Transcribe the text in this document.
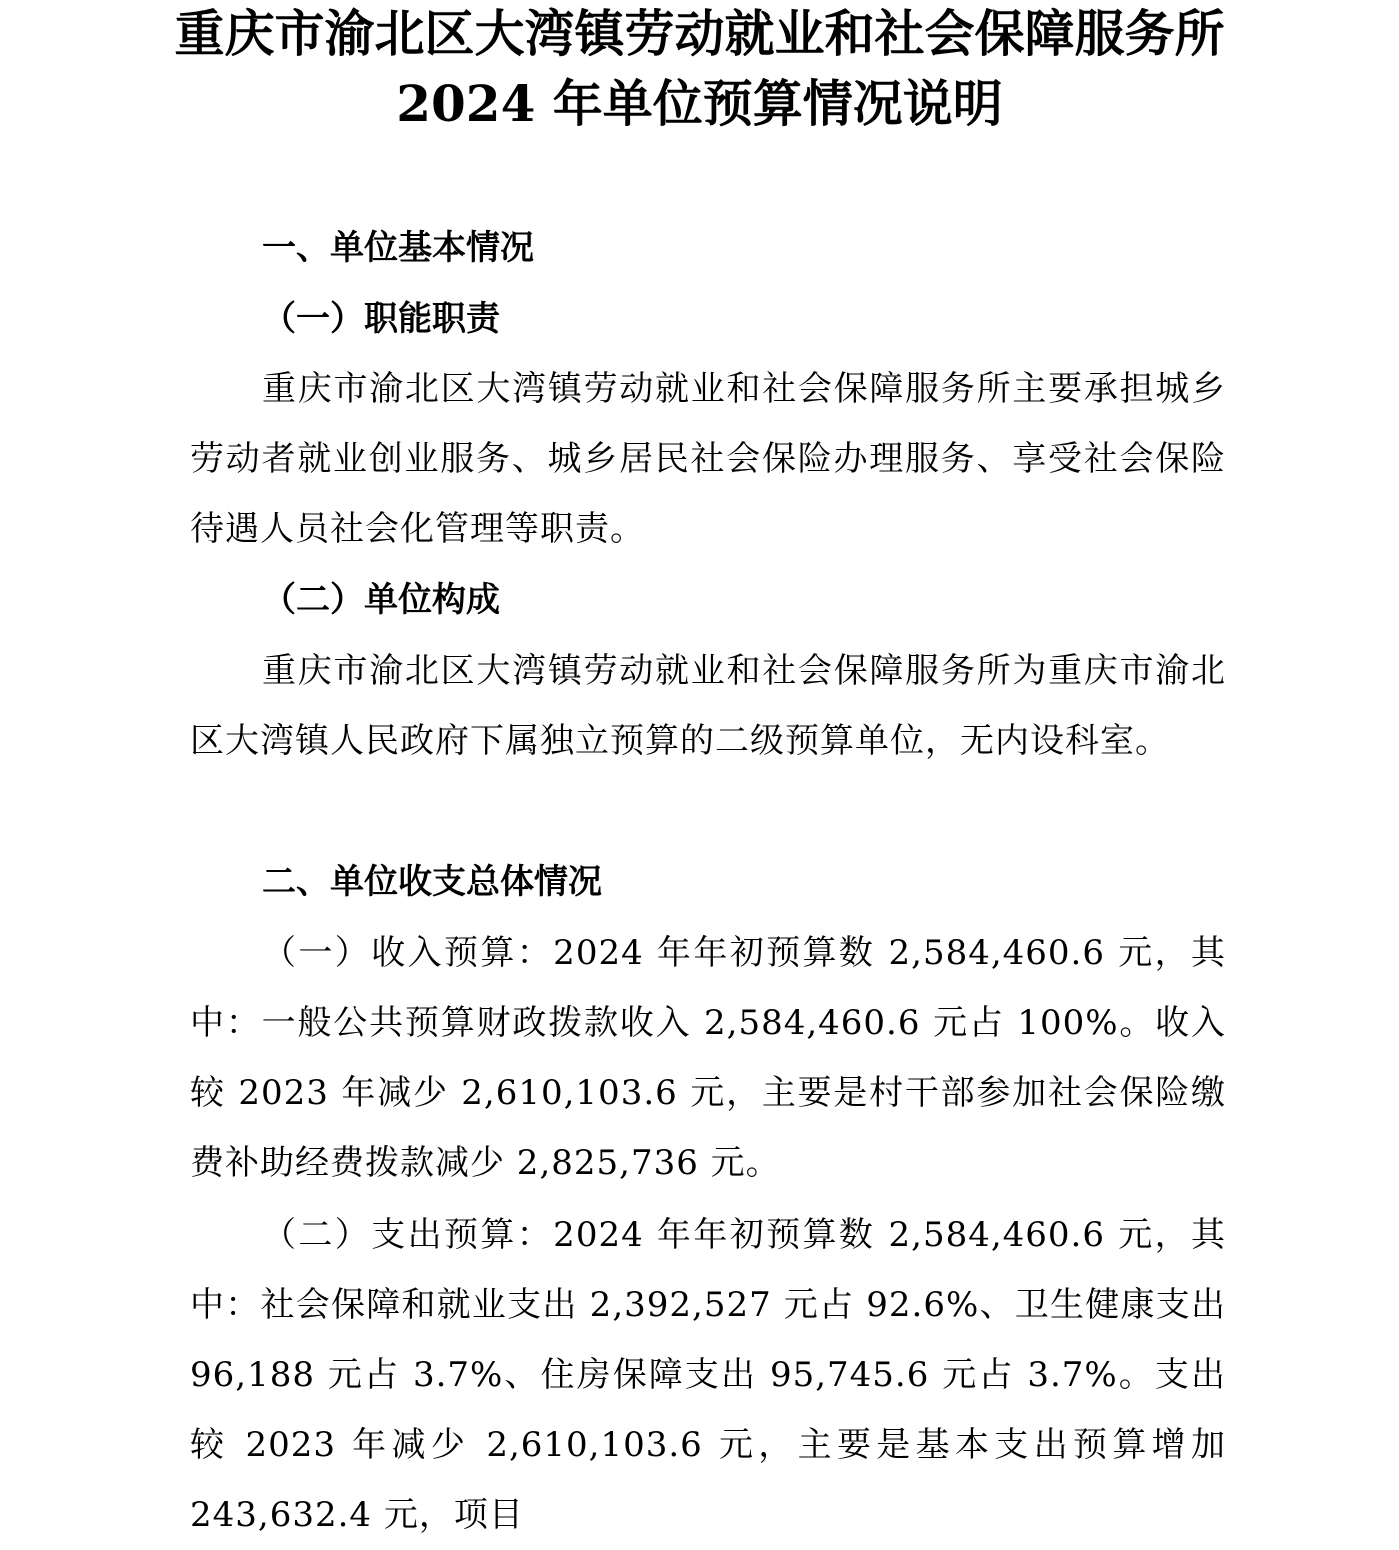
重庆市渝北区大湾镇劳动就业和社会保障服务所
2024 年单位预算情况说明
一、单位基本情况
（一）职能职责

重庆市渝北区大湾镇劳动就业和社会保障服务所主要承担城乡劳动者就业创业服务、城乡居民社会保险办理服务、享受社会保险待遇人员社会化管理等职责。

（二）单位构成

重庆市渝北区大湾镇劳动就业和社会保障服务所为重庆市渝北区大湾镇人民政府下属独立预算的二级预算单位，无内设科室。

二、单位收支总体情况

（一）收入预算：2024 年年初预算数 2,584,460.6 元，其中：一般公共预算财政拨款收入 2,584,460.6 元占 100%。收入较 2023 年减少 2,610,103.6 元，主要是村干部参加社会保险缴费补助经费拨款减少 2,825,736 元。

（二）支出预算：2024 年年初预算数 2,584,460.6 元，其中：社会保障和就业支出 2,392,527 元占 92.6%、卫生健康支出 96,188 元占 3.7%、住房保障支出 95,745.6 元占 3.7%。支出较 2023 年减少 2,610,103.6 元，主要是基本支出预算增加 243,632.4 元，项目
